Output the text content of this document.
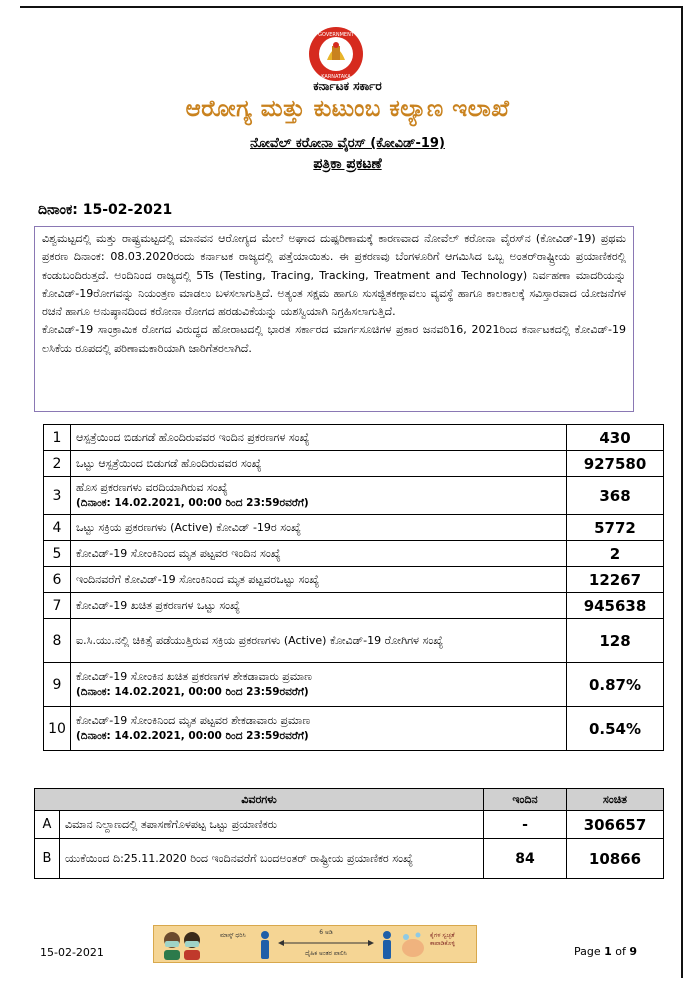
GOVERNMENT
KARNATAKA
ಕರ್ನಾಟಕ ಸರ್ಕಾರ
ಆರೋಗ್ಯ ಮತ್ತು ಕುಟುಂಬ ಕಲ್ಯಾಣ ಇಲಾಖೆ
ನೋವೆಲ್ ಕರೋನಾ ವೈರಸ್ (ಕೋವಿಡ್-19)
ಪತ್ರಿಕಾ ಪ್ರಕಟಣೆ
ದಿನಾಂಕ: 15-02-2021

ವಿಶ್ವಮಟ್ಟದಲ್ಲಿ ಮತ್ತು ರಾಷ್ಟ್ರಮಟ್ಟದಲ್ಲಿ ಮಾನವನ ಆರೋಗ್ಯದ ಮೇಲೆ ಅಘಾದ ದುಷ್ಪರಿಣಾಮಕ್ಕೆ ಕಾರಣವಾದ ನೋವೆಲ್ ಕರೋನಾ ವೈರಸ್‌ನ (ಕೋವಿಡ್-19) ಪ್ರಥಮ ಪ್ರಕರಣ ದಿನಾಂಕ: 08.03.2020ರಂದು ಕರ್ನಾಟಕ ರಾಜ್ಯದಲ್ಲಿ ಪತ್ತೆಯಾಯಿತು. ಈ ಪ್ರಕರಣವು ಬೆಂಗಳೂರಿಗೆ ಆಗಮಿಸಿದ ಒಬ್ಬ ಅಂತರ್‌ರಾಷ್ಟ್ರೀಯ ಪ್ರಯಾಣಿಕರಲ್ಲಿ ಕಂಡುಬಂದಿರುತ್ತದೆ. ಅಂದಿನಿಂದ ರಾಜ್ಯದಲ್ಲಿ 5Ts (Testing, Tracing, Tracking, Treatment and Technology) ನಿರ್ವಹಣಾ ಮಾದರಿಯನ್ನು ಕೋವಿಡ್-19ರೋಗವನ್ನು ನಿಯಂತ್ರಣ ಮಾಡಲು ಬಳಸಲಾಗುತ್ತಿದೆ. ಅತ್ಯಂತ ಸಕ್ಷಮ ಹಾಗೂ ಸುಸಜ್ಜಿತಕಣ್ಗಾವಲು ವ್ಯವಸ್ಥೆ ಹಾಗೂ ಕಾಲಕಾಲಕ್ಕೆ ಸವಿಸ್ತಾರವಾದ ಯೋಜನೆಗಳ ರಚನೆ ಹಾಗೂ ಅನುಷ್ಠಾನದಿಂದ ಕರೋನಾ ರೋಗದ ಹರಡುವಿಕೆಯನ್ನು ಯಶಸ್ವಿಯಾಗಿ ನಿಗ್ರಹಿಸಲಾಗುತ್ತಿದೆ.

ಕೋವಿಡ್-19 ಸಾಂಕ್ರಾಮಿಕ ರೋಗದ ವಿರುದ್ಧದ ಹೋರಾಟದಲ್ಲಿ ಭಾರತ ಸರ್ಕಾರದ ಮಾರ್ಗಸೂಚಿಗಳ ಪ್ರಕಾರ ಜನವರಿ16, 2021ರಿಂದ ಕರ್ನಾಟಕದಲ್ಲಿ ಕೋವಿಡ್-19 ಲಸಿಕೆಯ ರೂಪದಲ್ಲಿ ಪರಿಣಾಮಕಾರಿಯಾಗಿ ಜಾರಿಗೆತರಲಾಗಿದೆ.

1	ಆಸ್ಪತ್ರೆಯಿಂದ ಬಿಡುಗಡೆ ಹೊಂದಿರುವವರ ಇಂದಿನ ಪ್ರಕರಣಗಳ ಸಂಖ್ಯೆ	430
2	ಒಟ್ಟು ಆಸ್ಪತ್ರೆಯಿಂದ ಬಿಡುಗಡೆ ಹೊಂದಿರುವವರ ಸಂಖ್ಯೆ	927580
3	ಹೊಸ ಪ್ರಕರಣಗಳು ವರದಿಯಾಗಿರುವ ಸಂಖ್ಯೆ
(ದಿನಾಂಕ: 14.02.2021, 00:00 ರಿಂದ 23:59ರವರೆಗೆ)	368
4	ಒಟ್ಟು ಸಕ್ರಿಯ ಪ್ರಕರಣಗಳು (Active) ಕೋವಿಡ್ -19ರ ಸಂಖ್ಯೆ	5772
5	ಕೋವಿಡ್-19 ಸೋಂಕಿನಿಂದ ಮೃತ ಪಟ್ಟವರ ಇಂದಿನ ಸಂಖ್ಯೆ	2
6	ಇಂದಿನವರೆಗೆ ಕೋವಿಡ್-19 ಸೋಂಕಿನಿಂದ ಮೃತ ಪಟ್ಟವರಒಟ್ಟು ಸಂಖ್ಯೆ	12267
7	ಕೋವಿಡ್-19 ಖಚಿತ ಪ್ರಕರಣಗಳ ಒಟ್ಟು ಸಂಖ್ಯೆ	945638
8	ಐ.ಸಿ.ಯು.ನಲ್ಲಿ ಚಿಕಿತ್ಸೆ ಪಡೆಯುತ್ತಿರುವ ಸಕ್ರಿಯ ಪ್ರಕರಣಗಳು (Active) ಕೋವಿಡ್-19 ರೋಗಿಗಳ ಸಂಖ್ಯೆ	128
9	ಕೋವಿಡ್-19 ಸೋಂಕಿನ ಖಚಿತ ಪ್ರಕರಣಗಳ ಶೇಕಡಾವಾರು ಪ್ರಮಾಣ
(ದಿನಾಂಕ: 14.02.2021, 00:00 ರಿಂದ 23:59ರವರೆಗೆ)	0.87%
10	ಕೋವಿಡ್-19 ಸೋಂಕಿನಿಂದ ಮೃತ ಪಟ್ಟವರ ಶೇಕಡಾವಾರು ಪ್ರಮಾಣ
(ದಿನಾಂಕ: 14.02.2021, 00:00 ರಿಂದ 23:59ರವರೆಗೆ)	0.54%
ವಿವರಗಳು		ಇಂದಿನ	ಸಂಚಿತ
A	ವಿಮಾನ ನಿಲ್ದಾಣದಲ್ಲಿ ತಪಾಸಣೆಗೊಳಪಟ್ಟ ಒಟ್ಟು ಪ್ರಯಾಣಿಕರು	-	306657
B	ಯುಕೆಯಿಂದ ದಿ:25.11.2020 ರಿಂದ ಇಂದಿನವರೆಗೆ ಬಂದಅಂತರ್ ರಾಷ್ಟ್ರೀಯ ಪ್ರಯಾಣಿಕರ ಸಂಖ್ಯೆ	84	10866
ಮಾಸ್ಕ್ ಧರಿಸಿ	6 ಅಡಿ
ದೈಹಿಕ ಅಂತರ ಪಾಲಿಸಿ
ಕೈಗಳ ಸ್ವಚ್ಛತೆ ಕಾಪಾಡಿಕೊಳ್ಳಿ
15-02-2021	Page 1 of 9
